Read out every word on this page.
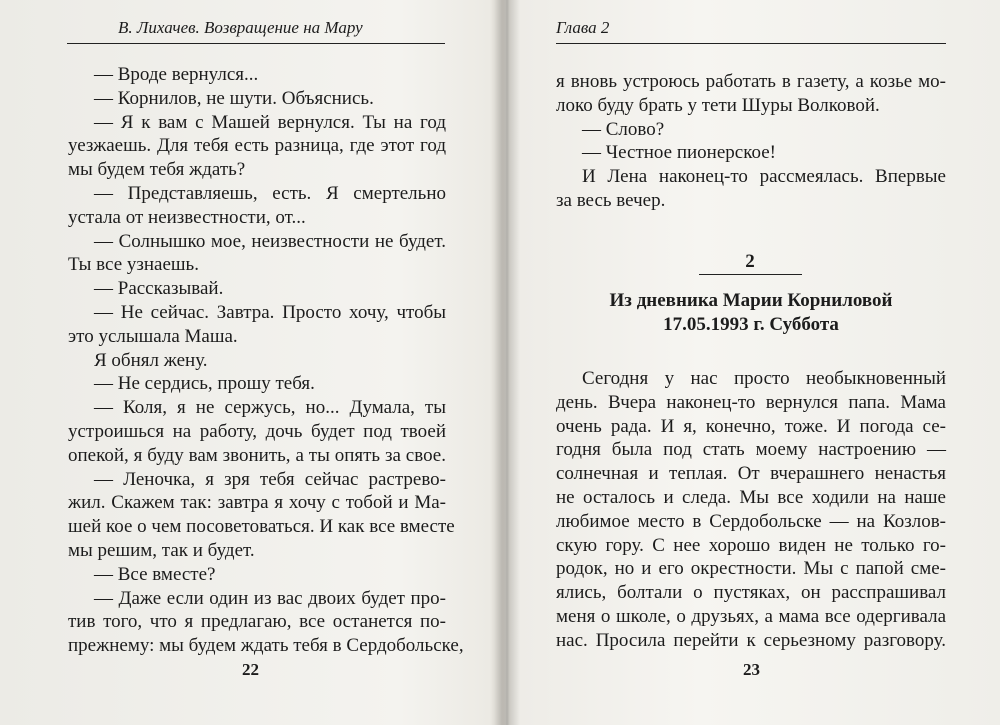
В. Лихачев. Возвращение на Мару
— Вроде вернулся...
— Корнилов, не шути. Объяснись.
— Я к вам с Машей вернулся. Ты на год
уезжаешь. Для тебя есть разница, где этот год
мы будем тебя ждать?
— Представляешь, есть. Я смертельно
устала от неизвестности, от...
— Солнышко мое, неизвестности не будет.
Ты все узнаешь.
— Рассказывай.
— Не сейчас. Завтра. Просто хочу, чтобы
это услышала Маша.
Я обнял жену.
— Не сердись, прошу тебя.
— Коля, я не сержусь, но... Думала, ты
устроишься на работу, дочь будет под твоей
опекой, я буду вам звонить, а ты опять за свое.
— Леночка, я зря тебя сейчас растрево-
жил. Скажем так: завтра я хочу с тобой и Ма-
шей кое о чем посоветоваться. И как все вместе
мы решим, так и будет.
— Все вместе?
— Даже если один из вас двоих будет про-
тив того, что я предлагаю, все останется по-
прежнему: мы будем ждать тебя в Сердобольске,
22
Глава 2
я вновь устроюсь работать в газету, а козье мо-
локо буду брать у тети Шуры Волковой.
— Слово?
— Честное пионерское!
И Лена наконец-то рассмеялась. Впервые
за весь вечер.
2
Из дневника Марии Корниловой
17.05.1993 г. Суббота
Сегодня у нас просто необыкновенный
день. Вчера наконец-то вернулся папа. Мама
очень рада. И я, конечно, тоже. И погода се-
годня была под стать моему настроению —
солнечная и теплая. От вчерашнего ненастья
не осталось и следа. Мы все ходили на наше
любимое место в Сердобольске — на Козлов-
скую гору. С нее хорошо виден не только го-
родок, но и его окрестности. Мы с папой сме-
ялись, болтали о пустяках, он расспрашивал
меня о школе, о друзьях, а мама все одергивала
нас. Просила перейти к серьезному разговору.
23
